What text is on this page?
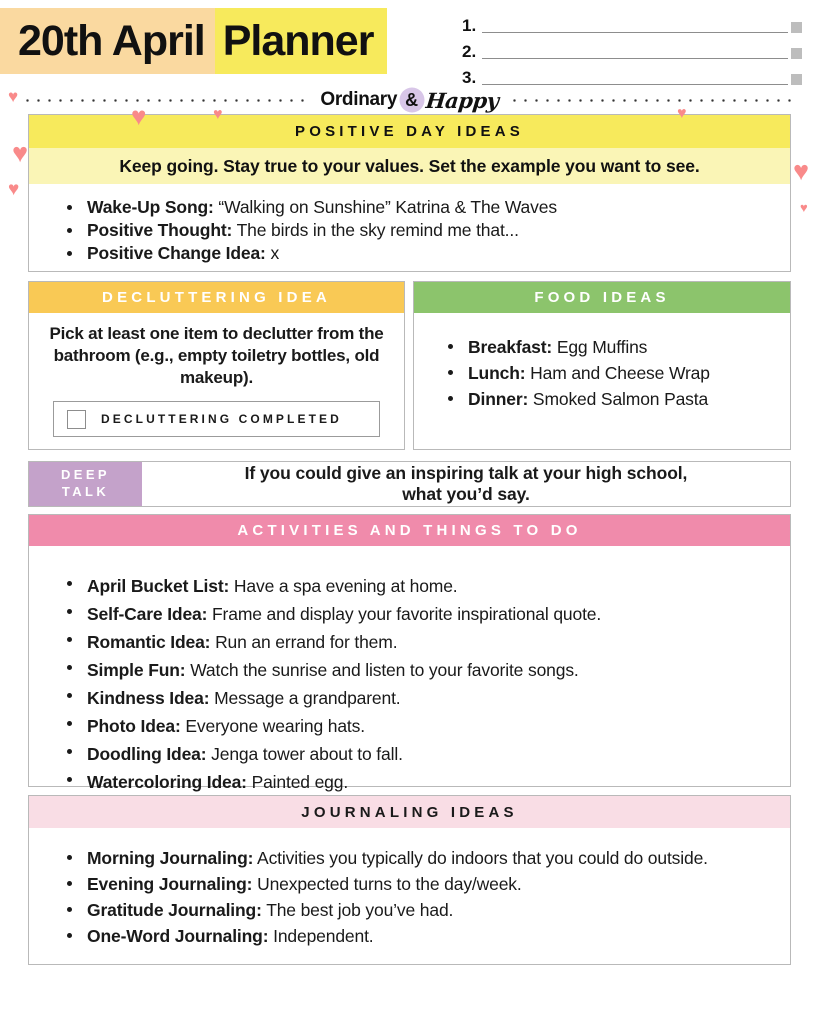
20th April Planner	1.
2.
3.
Ordinary & Happy
POSITIVE DAY IDEAS
Keep going. Stay true to your values. Set the example you want to see.
Wake-Up Song: “Walking on Sunshine” Katrina & The Waves
Positive Thought: The birds in the sky remind me that...
Positive Change Idea: x
DECLUTTERING IDEA
Pick at least one item to declutter from the bathroom (e.g., empty toiletry bottles, old makeup).
DECLUTTERING COMPLETED
FOOD IDEAS
Breakfast: Egg Muffins
Lunch: Ham and Cheese Wrap
Dinner: Smoked Salmon Pasta
DEEP
TALK
If you could give an inspiring talk at your high school,
what you’d say.
ACTIVITIES AND THINGS TO DO
April Bucket List: Have a spa evening at home.
Self-Care Idea: Frame and display your favorite inspirational quote.
Romantic Idea: Run an errand for them.
Simple Fun: Watch the sunrise and listen to your favorite songs.
Kindness Idea: Message a grandparent.
Photo Idea: Everyone wearing hats.
Doodling Idea: Jenga tower about to fall.
Watercoloring Idea: Painted egg.
JOURNALING IDEAS
Morning Journaling: Activities you typically do indoors that you could do outside.
Evening Journaling: Unexpected turns to the day/week.
Gratitude Journaling: The best job you’ve had.
One-Word Journaling: Independent.
♥
♥	♥
♥
♥
♥
♥
♥
